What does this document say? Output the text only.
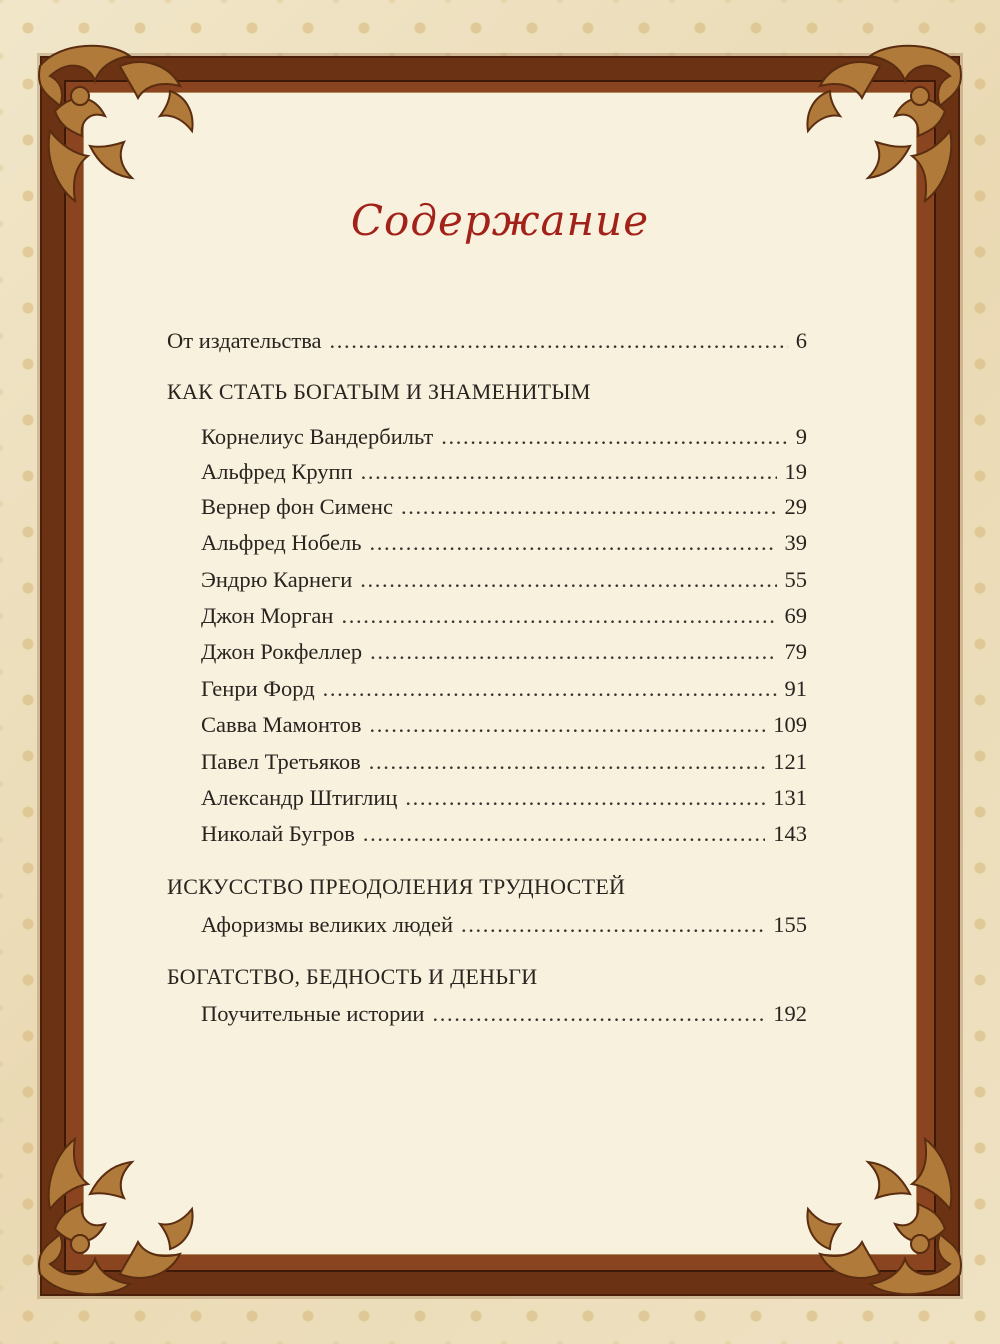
Содержание
От издательства . . .	6
КАК СТАТЬ БОГАТЫМ И ЗНАМЕНИТЫМ
Корнелиус Вандербильт . . .	9
Альфред Крупп . . .	19
Вернер фон Сименс . . .	29
Альфред Нобель . . .	39
Эндрю Карнеги . . .	55
Джон Морган . . .	69
Джон Рокфеллер . . .	79
Генри Форд . . .	91
Савва Мамонтов . . .	109
Павел Третьяков . . .	121
Александр Штиглиц . . .	131
Николай Бугров . . .	143
ИСКУССТВО ПРЕОДОЛЕНИЯ ТРУДНОСТЕЙ
Афоризмы великих людей . . .	155
БОГАТСТВО, БЕДНОСТЬ И ДЕНЬГИ
Поучительные истории . . .	192
